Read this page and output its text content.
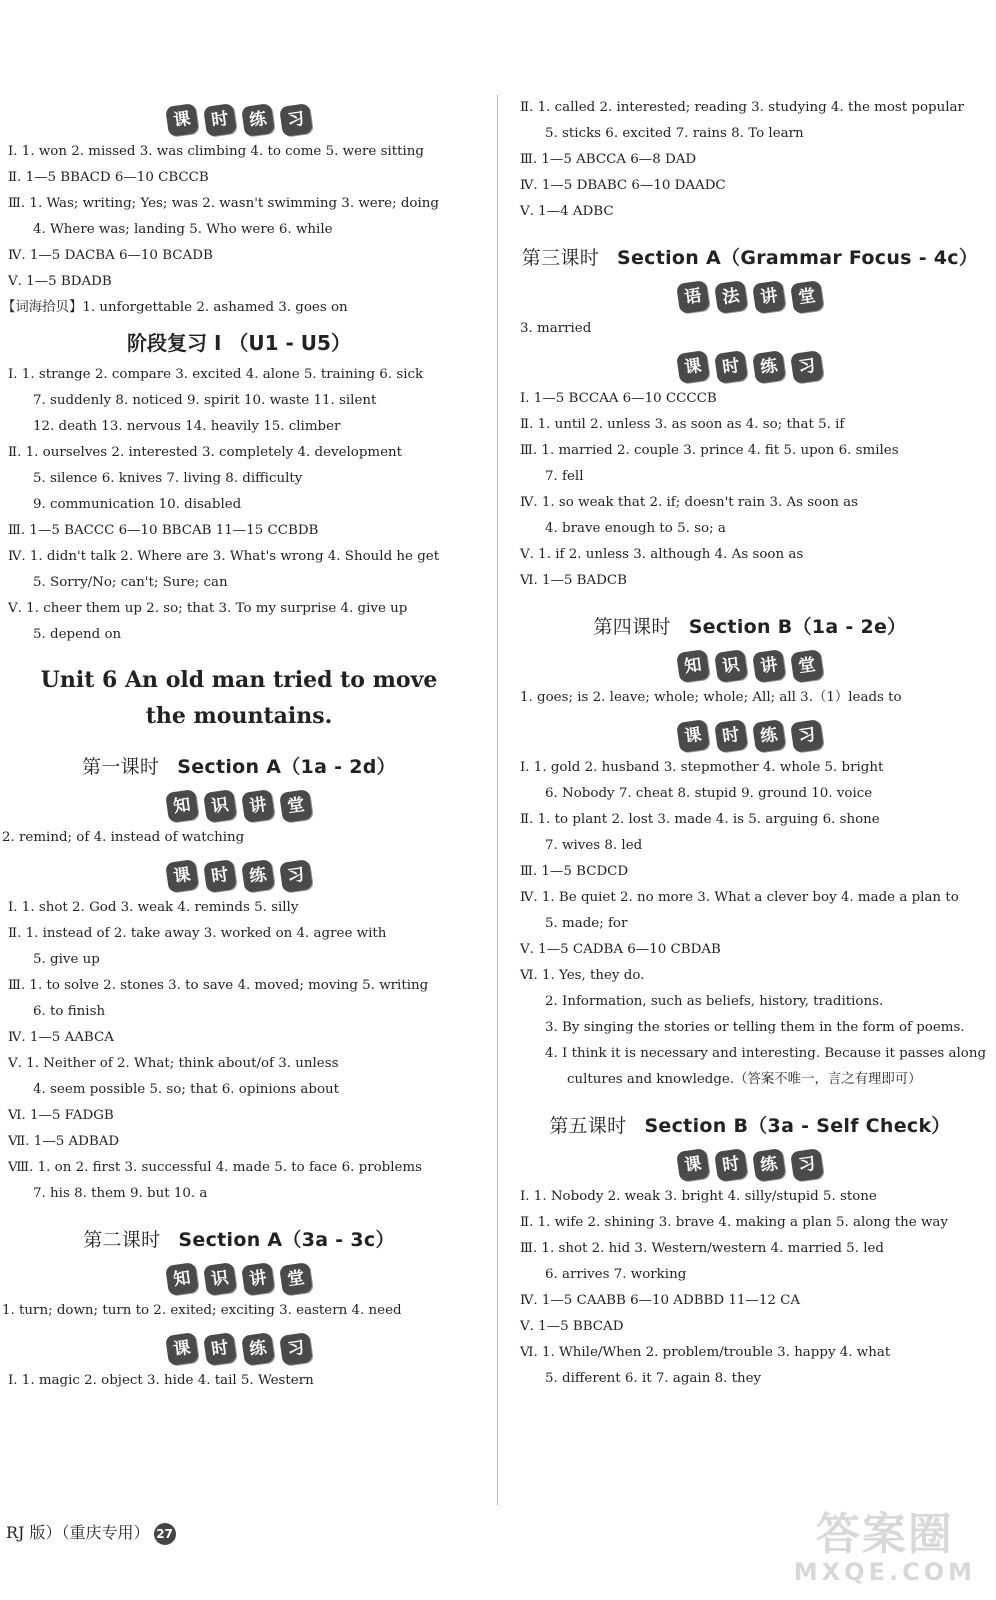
课 时 练 习
Ⅰ. 1. won 2. missed 3. was climbing 4. to come 5. were sitting
Ⅱ. 1—5 BBACD 6—10 CBCCB
Ⅲ. 1. Was; writing; Yes; was 2. wasn't swimming 3. were; doing
4. Where was; landing 5. Who were 6. while
Ⅳ. 1—5 DACBA 6—10 BCADB
Ⅴ. 1—5 BDADB
【词海拾贝】1. unforgettable 2. ashamed 3. goes on
阶段复习 I （U1 - U5）
Ⅰ. 1. strange 2. compare 3. excited 4. alone 5. training 6. sick
7. suddenly 8. noticed 9. spirit 10. waste 11. silent
12. death 13. nervous 14. heavily 15. climber
Ⅱ. 1. ourselves 2. interested 3. completely 4. development
5. silence 6. knives 7. living 8. difficulty
9. communication 10. disabled
Ⅲ. 1—5 BACCC 6—10 BBCAB 11—15 CCBDB
Ⅳ. 1. didn't talk 2. Where are 3. What's wrong 4. Should he get
5. Sorry/No; can't; Sure; can
Ⅴ. 1. cheer them up 2. so; that 3. To my surprise 4. give up
5. depend on
Unit 6 An old man tried to move
the mountains.
第一课时 Section A（1a - 2d）
知 识 讲 堂
2. remind; of 4. instead of watching
课 时 练 习
Ⅰ. 1. shot 2. God 3. weak 4. reminds 5. silly
Ⅱ. 1. instead of 2. take away 3. worked on 4. agree with
5. give up
Ⅲ. 1. to solve 2. stones 3. to save 4. moved; moving 5. writing
6. to finish
Ⅳ. 1—5 AABCA
Ⅴ. 1. Neither of 2. What; think about/of 3. unless
4. seem possible 5. so; that 6. opinions about
Ⅵ. 1—5 FADGB
Ⅶ. 1—5 ADBAD
Ⅷ. 1. on 2. first 3. successful 4. made 5. to face 6. problems
7. his 8. them 9. but 10. a
第二课时 Section A（3a - 3c）
知 识 讲 堂
1. turn; down; turn to 2. exited; exciting 3. eastern 4. need
课 时 练 习
Ⅰ. 1. magic 2. object 3. hide 4. tail 5. Western
Ⅱ. 1. called 2. interested; reading 3. studying 4. the most popular
5. sticks 6. excited 7. rains 8. To learn
Ⅲ. 1—5 ABCCA 6—8 DAD
Ⅳ. 1—5 DBABC 6—10 DAADC
Ⅴ. 1—4 ADBC
第三课时 Section A（Grammar Focus - 4c）
语 法 讲 堂
3. married
课 时 练 习
Ⅰ. 1—5 BCCAA 6—10 CCCCB
Ⅱ. 1. until 2. unless 3. as soon as 4. so; that 5. if
Ⅲ. 1. married 2. couple 3. prince 4. fit 5. upon 6. smiles
7. fell
Ⅳ. 1. so weak that 2. if; doesn't rain 3. As soon as
4. brave enough to 5. so; a
Ⅴ. 1. if 2. unless 3. although 4. As soon as
Ⅵ. 1—5 BADCB
第四课时 Section B（1a - 2e）
知 识 讲 堂
1. goes; is 2. leave; whole; whole; All; all 3.（1）leads to
课 时 练 习
Ⅰ. 1. gold 2. husband 3. stepmother 4. whole 5. bright
6. Nobody 7. cheat 8. stupid 9. ground 10. voice
Ⅱ. 1. to plant 2. lost 3. made 4. is 5. arguing 6. shone
7. wives 8. led
Ⅲ. 1—5 BCDCD
Ⅳ. 1. Be quiet 2. no more 3. What a clever boy 4. made a plan to
5. made; for
Ⅴ. 1—5 CADBA 6—10 CBDAB
Ⅵ. 1. Yes, they do.
2. Information, such as beliefs, history, traditions.
3. By singing the stories or telling them in the form of poems.
4. I think it is necessary and interesting. Because it passes along
cultures and knowledge.（答案不唯一，言之有理即可）
第五课时 Section B（3a - Self Check）
课 时 练 习
Ⅰ. 1. Nobody 2. weak 3. bright 4. silly/stupid 5. stone
Ⅱ. 1. wife 2. shining 3. brave 4. making a plan 5. along the way
Ⅲ. 1. shot 2. hid 3. Western/western 4. married 5. led
6. arrives 7. working
Ⅳ. 1—5 CAABB 6—10 ADBBD 11—12 CA
Ⅴ. 1—5 BBCAD
Ⅵ. 1. While/When 2. problem/trouble 3. happy 4. what
5. different 6. it 7. again 8. they
RJ 版）（重庆专用） 27	答案圈
MXQE.COM
